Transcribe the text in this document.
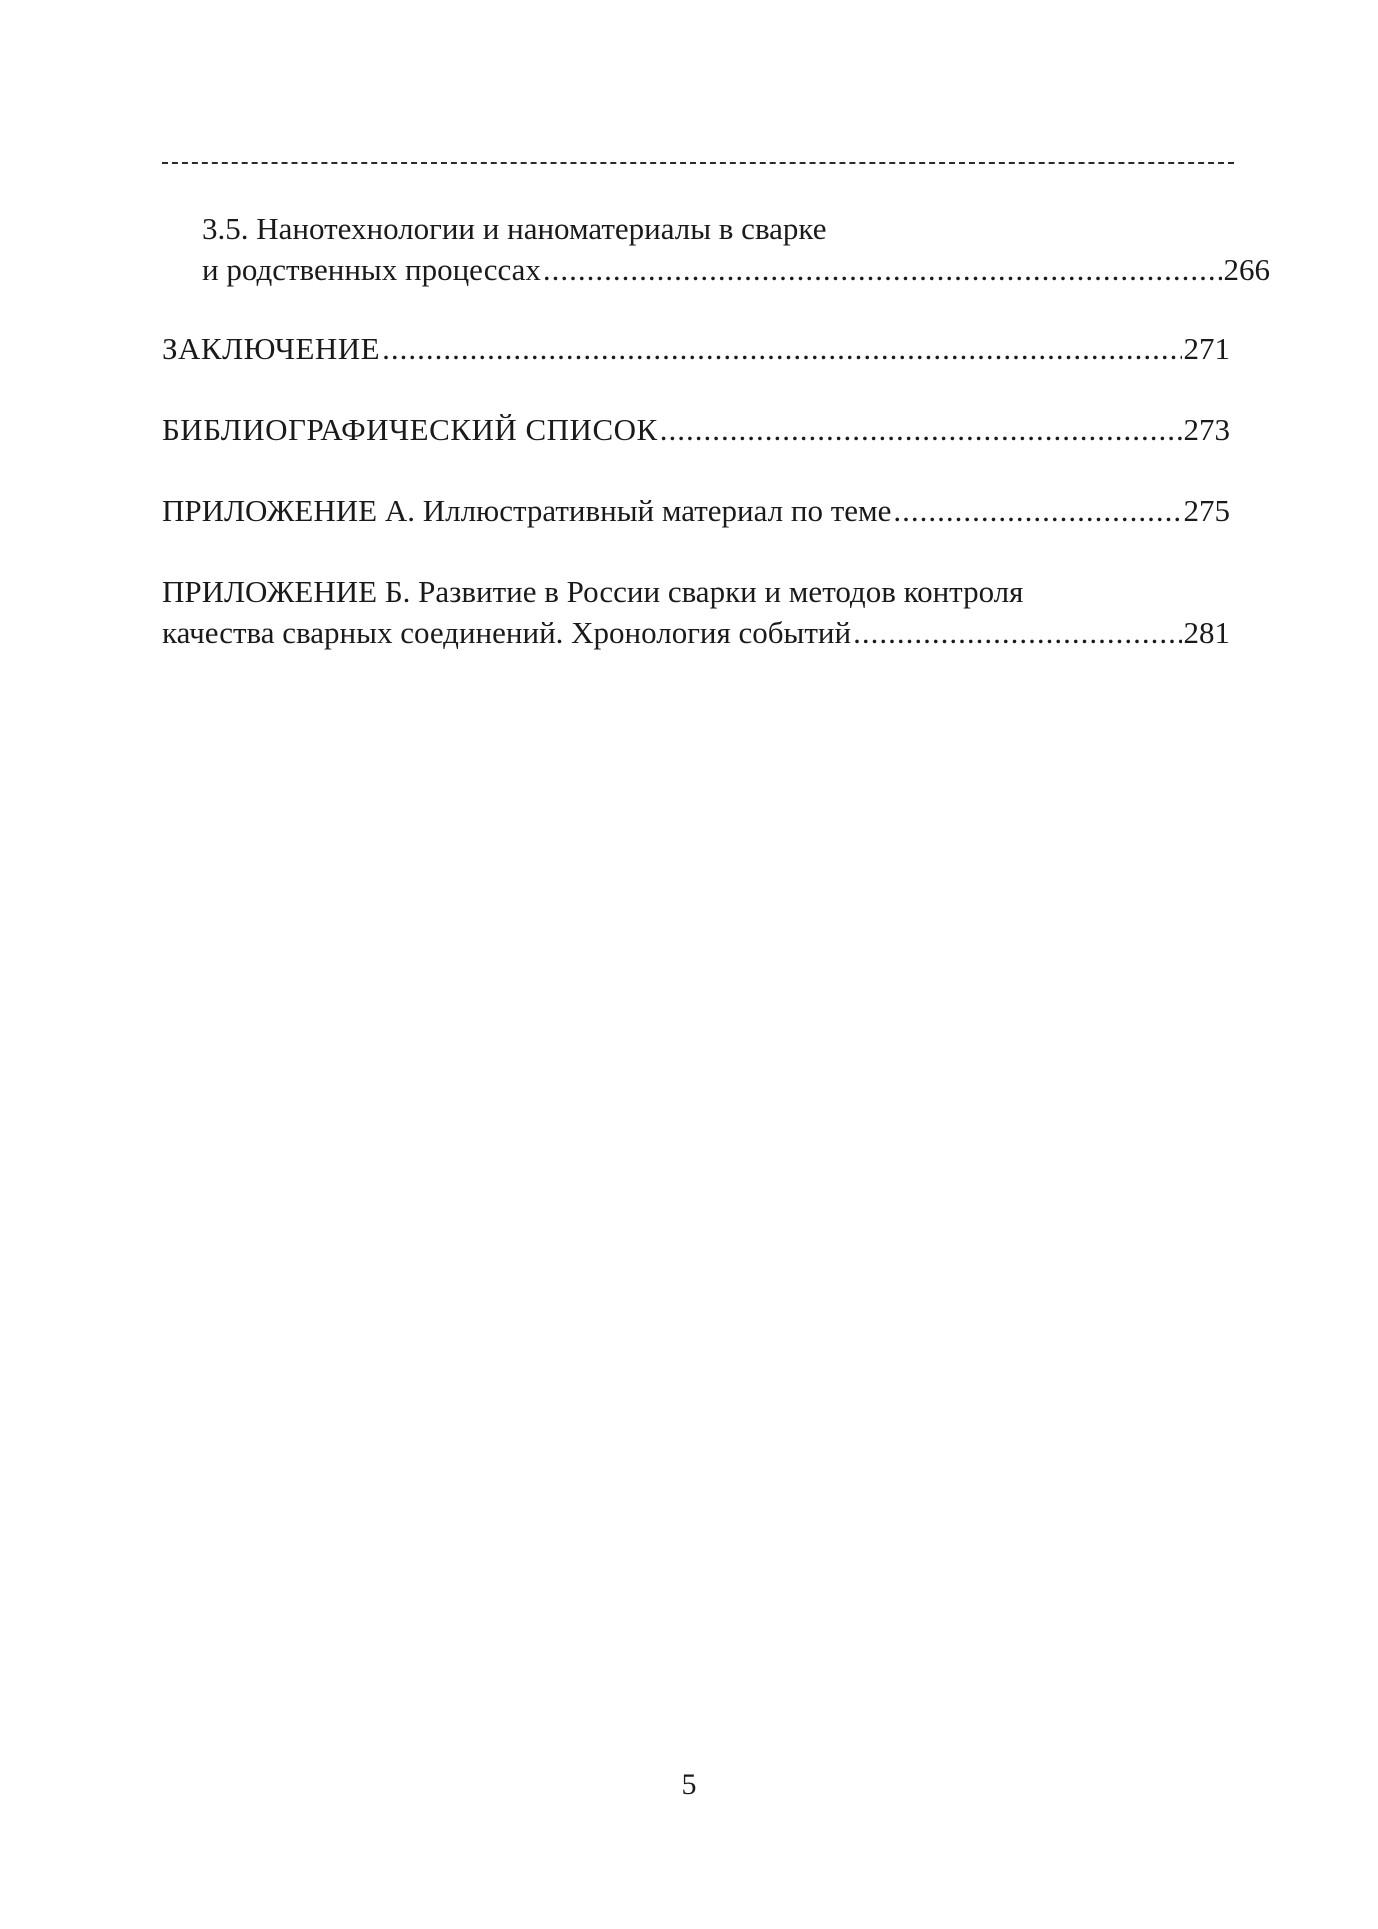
3.5. Нанотехнологии и наноматериалы в сварке
и родственных процессах .....	266
ЗАКЛЮЧЕНИЕ .....	271
БИБЛИОГРАФИЧЕСКИЙ СПИСОК .....	273
ПРИЛОЖЕНИЕ А. Иллюстративный материал по теме .....	275
ПРИЛОЖЕНИЕ Б. Развитие в России сварки и методов контроля
качества сварных соединений. Хронология событий .....	281
5
